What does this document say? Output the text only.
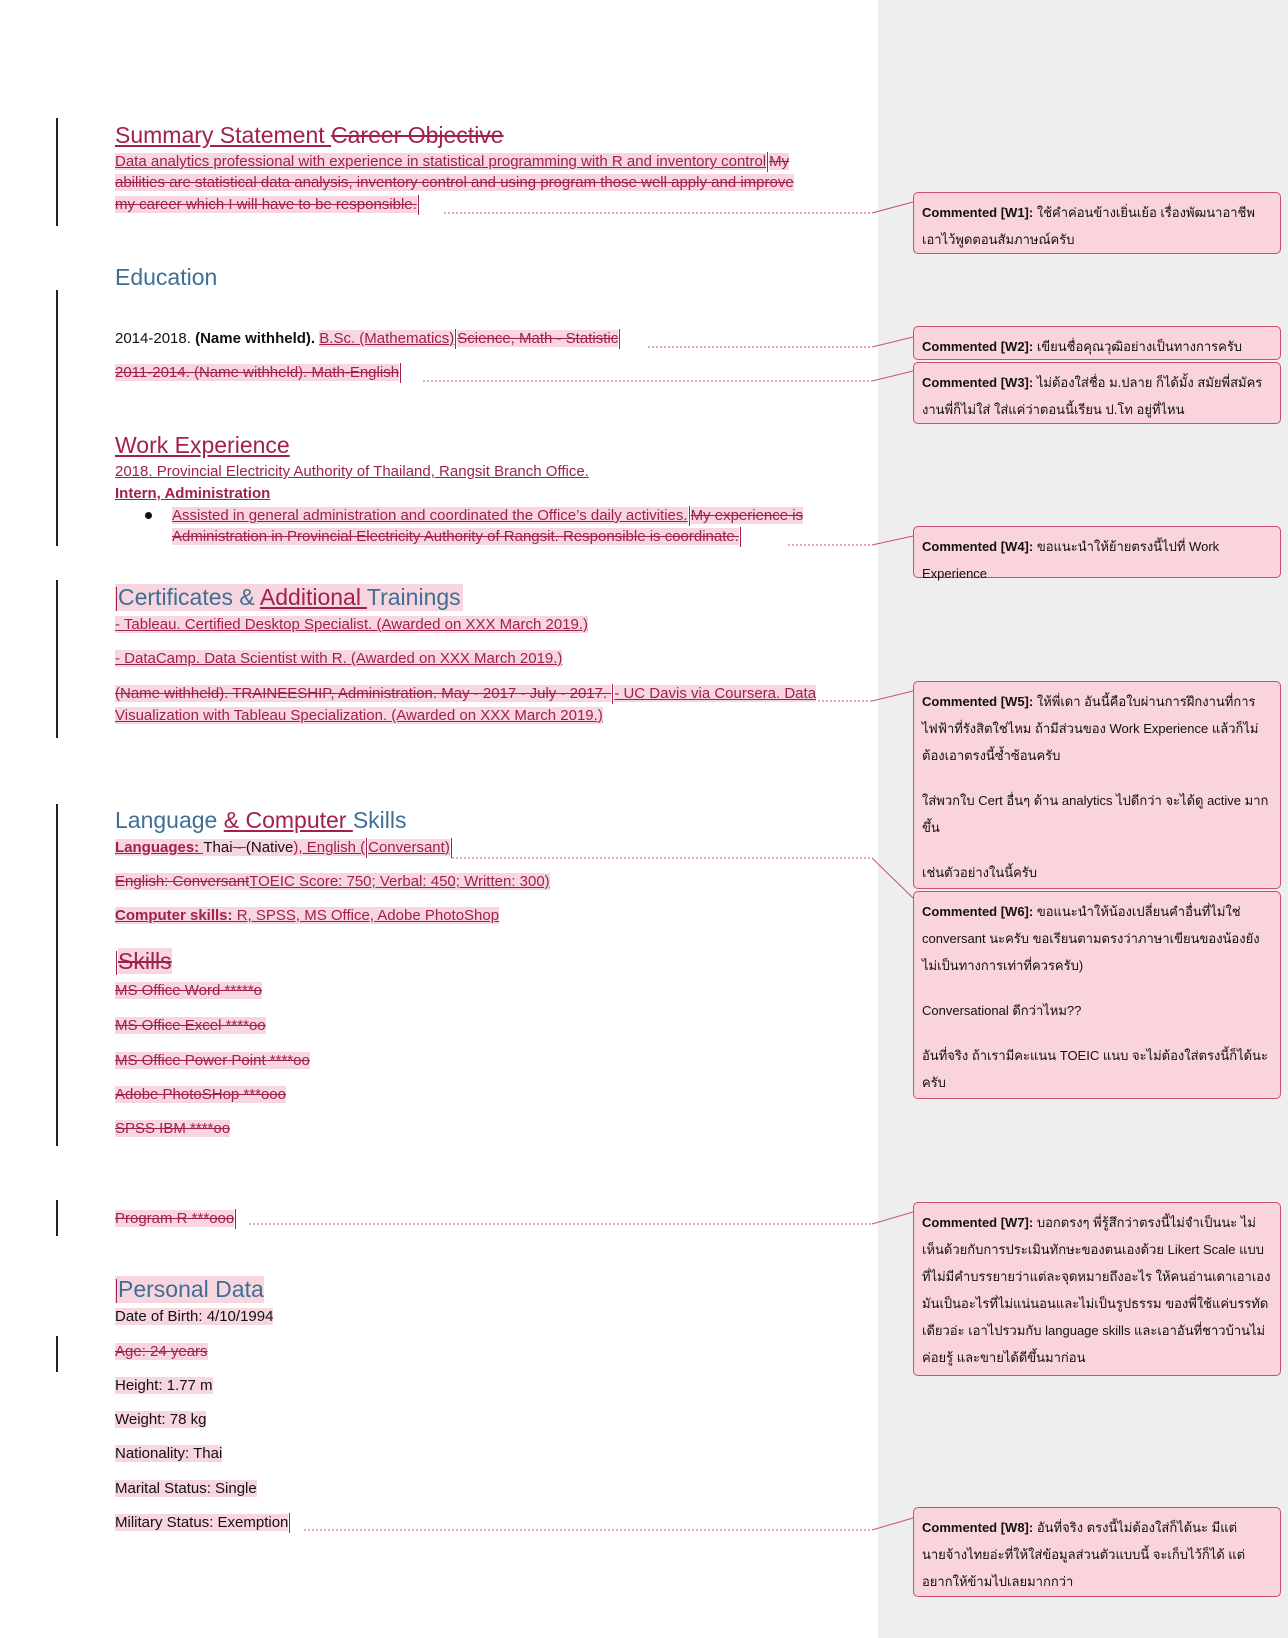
Summary Statement Career Objective
Data analytics professional with experience in statistical programming with R and inventory control My
abilities are statistical data analysis, inventory control and using program those well apply and improve
my career which I will have to be responsible.
Education
2014-2018. (Name withheld). B.Sc. (Mathematics) Science, Math - Statistic
2011-2014. (Name withheld). Math-English
Work Experience
2018. Provincial Electricity Authority of Thailand, Rangsit Branch Office.
Intern, Administration
Assisted in general administration and coordinated the Office’s daily activities. My experience is
Administration in Provincial Electricity Authority of Rangsit. Responsible is coordinate.
Certificates & Additional Trainings
- Tableau. Certified Desktop Specialist. (Awarded on XXX March 2019.)
- DataCamp. Data Scientist with R. (Awarded on XXX March 2019.)
(Name withheld). TRAINEESHIP, Administration. May - 2017 - July - 2017. - UC Davis via Coursera. Data
Visualization with Tableau Specialization. (Awarded on XXX March 2019.)
Language & Computer Skills
Languages: Thai - (Native), English ( Conversant)
English: ConversantTOEIC Score: 750; Verbal: 450; Written: 300)
Computer skills: R, SPSS, MS Office, Adobe PhotoShop
Skills
MS Office Word *****o
MS Office Excel ****oo
MS Office Power Point ****oo
Adobe PhotoSHop ***ooo
SPSS IBM ****oo
Program R ***ooo
Personal Data
Date of Birth: 4/10/1994
Age: 24 years
Height: 1.77 m
Weight: 78 kg
Nationality: Thai
Marital Status: Single
Military Status: Exemption

Commented [W1]: ใช้คำค่อนข้างเยิ่นเย้อ เรื่องพัฒนาอาชีพ เอาไว้พูดตอนสัมภาษณ์ครับ

Commented [W2]: เขียนชื่อคุณวุฒิอย่างเป็นทางการครับ

Commented [W3]: ไม่ต้องใส่ชื่อ ม.ปลาย ก็ได้มั้ง สมัยพี่สมัครงานพี่ก็ไม่ใส่ ใส่แค่ว่าตอนนี้เรียน ป.โท อยู่ที่ไหน

Commented [W4]: ขอแนะนำให้ย้ายตรงนี้ไปที่ Work Experience

Commented [W5]: ให้พี่เดา อันนี้คือใบผ่านการฝึกงานที่การไฟฟ้าที่รังสิตใช่ไหม ถ้ามีส่วนของ Work Experience แล้วก็ไม่ต้องเอาตรงนี้ซ้ำซ้อนครับ

ใส่พวกใบ Cert อื่นๆ ด้าน analytics ไปดีกว่า จะได้ดู active มากขึ้น

เช่นตัวอย่างในนี้ครับ

Commented [W6]: ขอแนะนำให้น้องเปลี่ยนคำอื่นที่ไม่ใช่ conversant นะครับ ขอเรียนตามตรงว่าภาษาเขียนของน้องยังไม่เป็นทางการเท่าที่ควรครับ)

Conversational ดีกว่าไหม??

อันที่จริง ถ้าเรามีคะแนน TOEIC แนบ จะไม่ต้องใส่ตรงนี้ก็ได้นะครับ

Commented [W7]: บอกตรงๆ พี่รู้สึกว่าตรงนี้ไม่จำเป็นนะ ไม่เห็นด้วยกับการประเมินทักษะของตนเองด้วย Likert Scale แบบที่ไม่มีคำบรรยายว่าแต่ละจุดหมายถึงอะไร ให้คนอ่านเดาเอาเองมันเป็นอะไรที่ไม่แน่นอนและไม่เป็นรูปธรรม ของพี่ใช้แค่บรรทัดเดียวอ่ะ เอาไปรวมกับ language skills และเอาอันที่ชาวบ้านไม่ค่อยรู้ และขายได้ดีขึ้นมาก่อน

Commented [W8]: อันที่จริง ตรงนี้ไม่ต้องใส่ก็ได้นะ มีแต่นายจ้างไทยอ่ะที่ให้ใส่ข้อมูลส่วนตัวแบบนี้ จะเก็บไว้ก็ได้ แต่อยากให้ข้ามไปเลยมากกว่า
